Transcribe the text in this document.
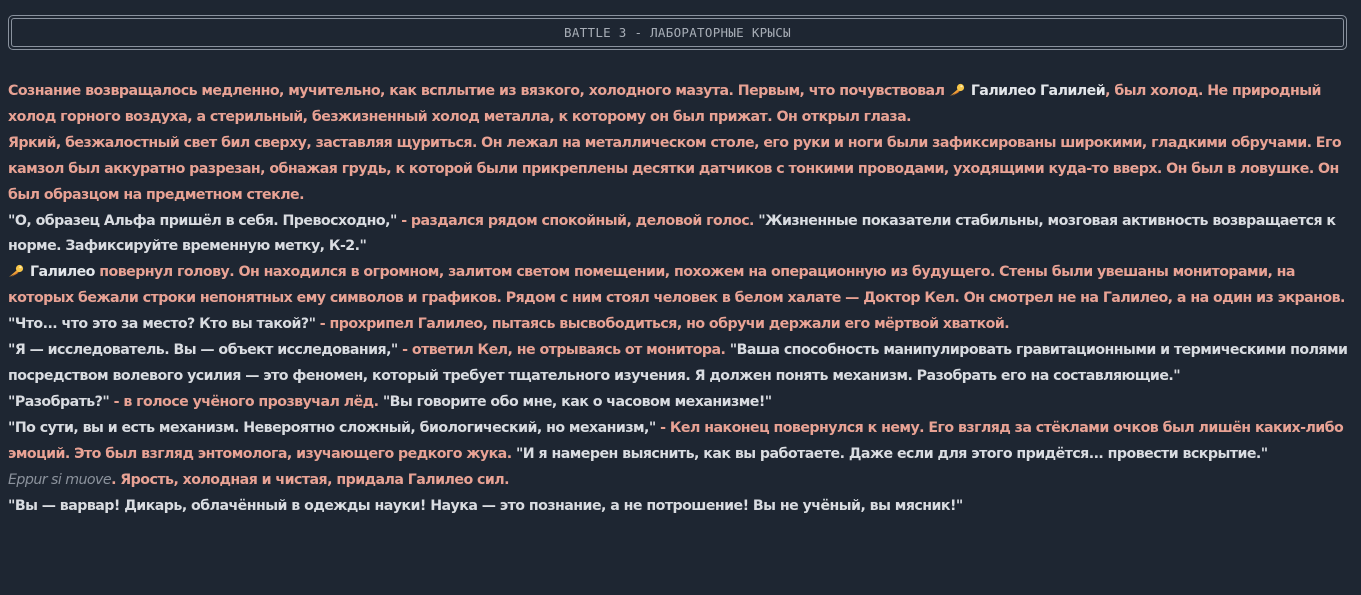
BATTLE 3 - ЛАБОРАТОРНЫЕ КРЫСЫ

Сознание возвращалось медленно, мучительно, как всплытие из вязкого, холодного мазута. Первым, что почувствовал Галилео Галилей, был холод. Не природный холод горного воздуха, а стерильный, безжизненный холод металла, к которому он был прижат. Он открыл глаза.

Яркий, безжалостный свет бил сверху, заставляя щуриться. Он лежал на металлическом столе, его руки и ноги были зафиксированы широкими, гладкими обручами. Его камзол был аккуратно разрезан, обнажая грудь, к которой были прикреплены десятки датчиков с тонкими проводами, уходящими куда-то вверх. Он был в ловушке. Он был образцом на предметном стекле.

"О, образец Альфа пришёл в себя. Превосходно," - раздался рядом спокойный, деловой голос. "Жизненные показатели стабильны, мозговая активность возвращается к норме. Зафиксируйте временную метку, К-2."

Галилео повернул голову. Он находился в огромном, залитом светом помещении, похожем на операционную из будущего. Стены были увешаны мониторами, на которых бежали строки непонятных ему символов и графиков. Рядом с ним стоял человек в белом халате — Доктор Кел. Он смотрел не на Галилео, а на один из экранов.

"Что... что это за место? Кто вы такой?" - прохрипел Галилео, пытаясь высвободиться, но обручи держали его мёртвой хваткой.

"Я — исследователь. Вы — объект исследования," - ответил Кел, не отрываясь от монитора. "Ваша способность манипулировать гравитационными и термическими полями посредством волевого усилия — это феномен, который требует тщательного изучения. Я должен понять механизм. Разобрать его на составляющие."

"Разобрать?" - в голосе учёного прозвучал лёд. "Вы говорите обо мне, как о часовом механизме!"

"По сути, вы и есть механизм. Невероятно сложный, биологический, но механизм," - Кел наконец повернулся к нему. Его взгляд за стёклами очков был лишён каких-либо эмоций. Это был взгляд энтомолога, изучающего редкого жука. "И я намерен выяснить, как вы работаете. Даже если для этого придётся... провести вскрытие."

Eppur si muove. Ярость, холодная и чистая, придала Галилео сил.

"Вы — варвар! Дикарь, облачённый в одежды науки! Наука — это познание, а не потрошение! Вы не учёный, вы мясник!"
